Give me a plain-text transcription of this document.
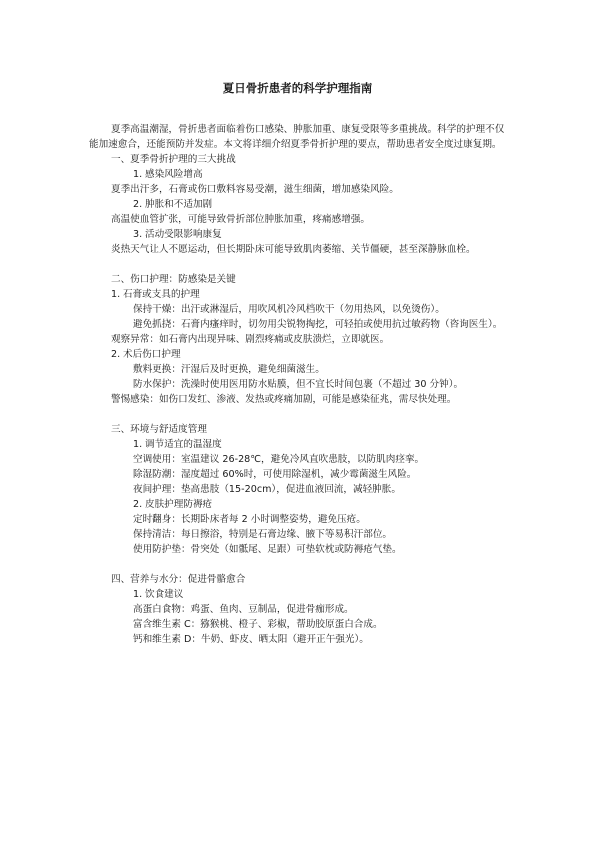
夏日骨折患者的科学护理指南

夏季高温潮湿，骨折患者面临着伤口感染、肿胀加重、康复受限等多重挑战。科学的护理不仅能加速愈合，还能预防并发症。本文将详细介绍夏季骨折护理的要点，帮助患者安全度过康复期。

一、夏季骨折护理的三大挑战

1. 感染风险增高

夏季出汗多，石膏或伤口敷料容易受潮，滋生细菌，增加感染风险。

2. 肿胀和不适加剧

高温使血管扩张，可能导致骨折部位肿胀加重，疼痛感增强。

3. 活动受限影响康复

炎热天气让人不愿运动，但长期卧床可能导致肌肉萎缩、关节僵硬，甚至深静脉血栓。

二、伤口护理：防感染是关键

1. 石膏或支具的护理

保持干燥：出汗或淋湿后，用吹风机冷风档吹干（勿用热风，以免烫伤）。

避免抓挠：石膏内瘙痒时，切勿用尖锐物掏挖，可轻拍或使用抗过敏药物（咨询医生）。

观察异常：如石膏内出现异味、剧烈疼痛或皮肤溃烂，立即就医。

2. 术后伤口护理

敷料更换：汗湿后及时更换，避免细菌滋生。

防水保护：洗澡时使用医用防水贴膜，但不宜长时间包裹（不超过 30 分钟）。

警惕感染：如伤口发红、渗液、发热或疼痛加剧，可能是感染征兆，需尽快处理。

三、环境与舒适度管理

1. 调节适宜的温湿度

空调使用：室温建议 26-28℃，避免冷风直吹患肢，以防肌肉痉挛。

除湿防潮：湿度超过 60%时，可使用除湿机，减少霉菌滋生风险。

夜间护理：垫高患肢（15-20cm），促进血液回流，减轻肿胀。

2. 皮肤护理防褥疮

定时翻身：长期卧床者每 2 小时调整姿势，避免压疮。

保持清洁：每日擦浴，特别是石膏边缘、腋下等易积汗部位。

使用防护垫：骨突处（如骶尾、足跟）可垫软枕或防褥疮气垫。

四、营养与水分：促进骨骼愈合

1. 饮食建议

高蛋白食物：鸡蛋、鱼肉、豆制品，促进骨痂形成。

富含维生素 C：猕猴桃、橙子、彩椒，帮助胶原蛋白合成。

钙和维生素 D：牛奶、虾皮、晒太阳（避开正午强光）。
